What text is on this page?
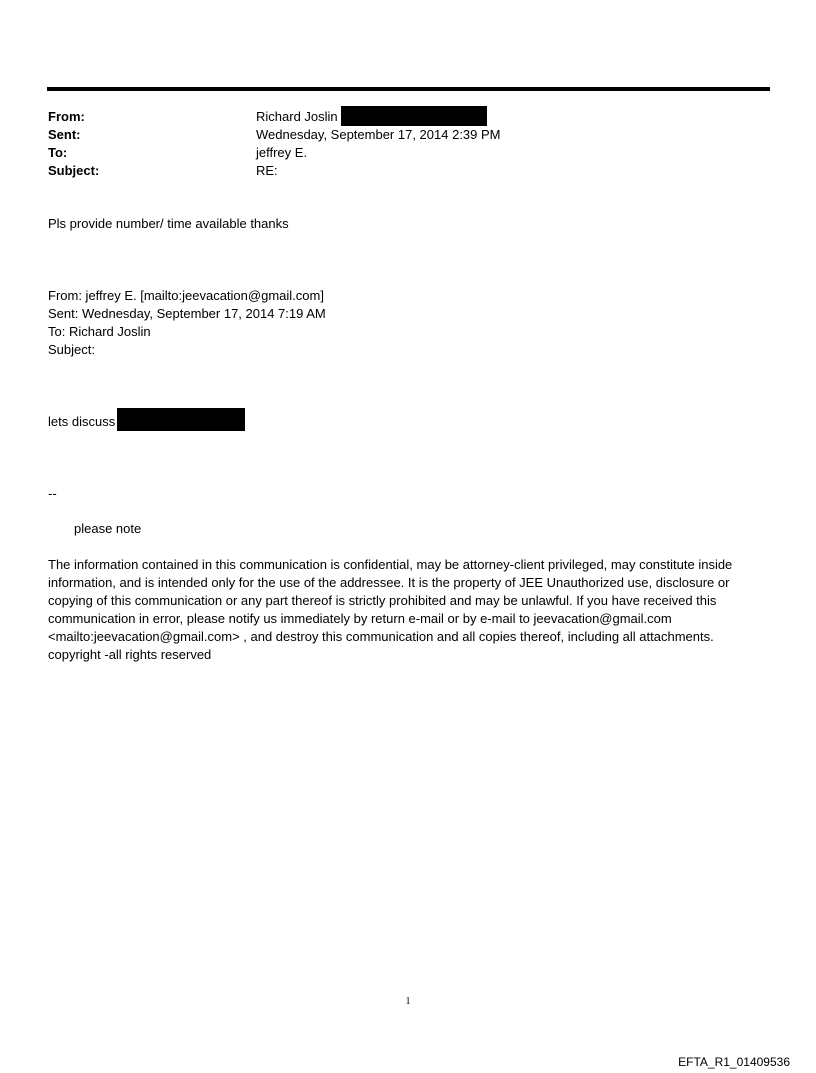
From:	Richard Joslin
Sent:	Wednesday, September 17, 2014 2:39 PM
To:	jeffrey E.
Subject:	RE:
Pls provide number/ time available thanks
From: jeffrey E. [mailto:jeevacation@gmail.com]
Sent: Wednesday, September 17, 2014 7:19 AM
To: Richard Joslin
Subject:
lets discuss
--
please note
The information contained in this communication is confidential, may be attorney-client privileged, may constitute inside information, and is intended only for the use of the addressee. It is the property of JEE Unauthorized use, disclosure or copying of this communication or any part thereof is strictly prohibited and may be unlawful. If you have received this communication in error, please notify us immediately by return e-mail or by e-mail to jeevacation@gmail.com <mailto:jeevacation@gmail.com> , and destroy this communication and all copies thereof, including all attachments. copyright -all rights reserved
1
EFTA_R1_01409536
